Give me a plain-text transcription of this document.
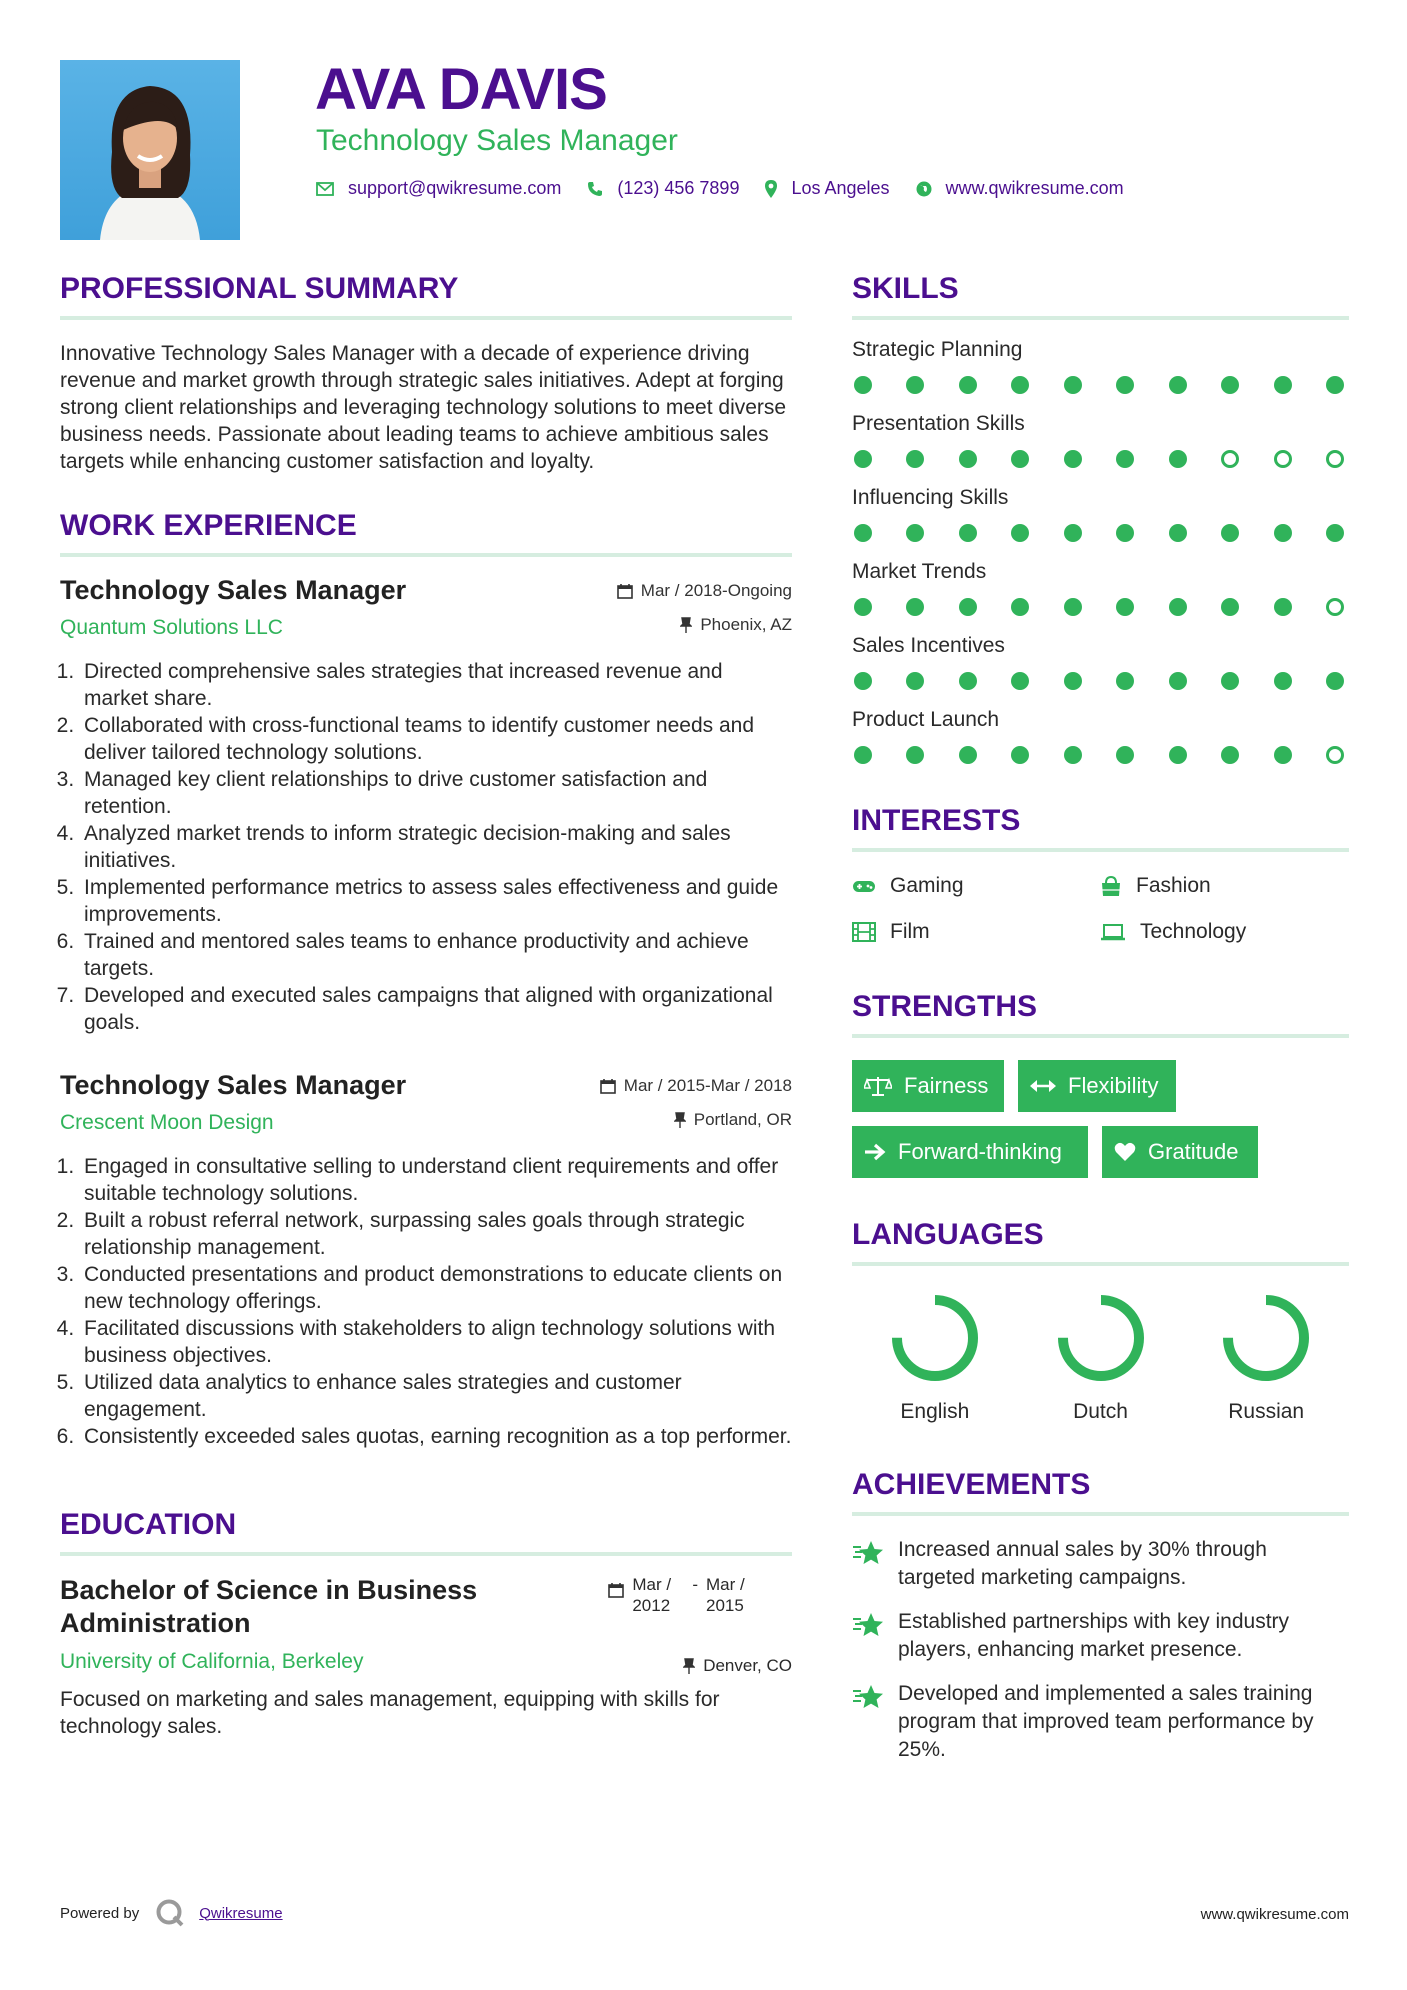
AVA DAVIS
Technology Sales Manager
support@qwikresume.com	(123) 456 7899	Los Angeles	www.qwikresume.com
PROFESSIONAL SUMMARY

Innovative Technology Sales Manager with a decade of experience driving revenue and market growth through strategic sales initiatives. Adept at forging strong client relationships and leveraging technology solutions to meet diverse business needs. Passionate about leading teams to achieve ambitious sales targets while enhancing customer satisfaction and loyalty.

WORK EXPERIENCE
Technology Sales Manager
Quantum Solutions LLC
Mar / 2018-Ongoing
Phoenix, AZ
1. Directed comprehensive sales strategies that increased revenue and market share.
2. Collaborated with cross-functional teams to identify customer needs and deliver tailored technology solutions.
3. Managed key client relationships to drive customer satisfaction and retention.
4. Analyzed market trends to inform strategic decision-making and sales initiatives.
5. Implemented performance metrics to assess sales effectiveness and guide improvements.
6. Trained and mentored sales teams to enhance productivity and achieve targets.
7. Developed and executed sales campaigns that aligned with organizational goals.
Technology Sales Manager
Crescent Moon Design
Mar / 2015-Mar / 2018
Portland, OR
1. Engaged in consultative selling to understand client requirements and offer suitable technology solutions.
2. Built a robust referral network, surpassing sales goals through strategic relationship management.
3. Conducted presentations and product demonstrations to educate clients on new technology offerings.
4. Facilitated discussions with stakeholders to align technology solutions with business objectives.
5. Utilized data analytics to enhance sales strategies and customer engagement.
6. Consistently exceeded sales quotas, earning recognition as a top performer.
EDUCATION
Bachelor of Science in Business Administration
University of California, Berkeley
Mar / 2012
- Mar / 2015
Denver, CO

Focused on marketing and sales management, equipping with skills for technology sales.

SKILLS
Strategic Planning
Presentation Skills
Influencing Skills
Market Trends
Sales Incentives
Product Launch
INTERESTS
Gaming	Fashion
Film	Technology
STRENGTHS
Fairness	Flexibility
Forward-thinking	Gratitude
LANGUAGES
English	Dutch	Russian
ACHIEVEMENTS
Increased annual sales by 30% through targeted marketing campaigns.
Established partnerships with key industry players, enhancing market presence.
Developed and implemented a sales training program that improved team performance by 25%.
Powered by	Qwikresume	www.qwikresume.com
